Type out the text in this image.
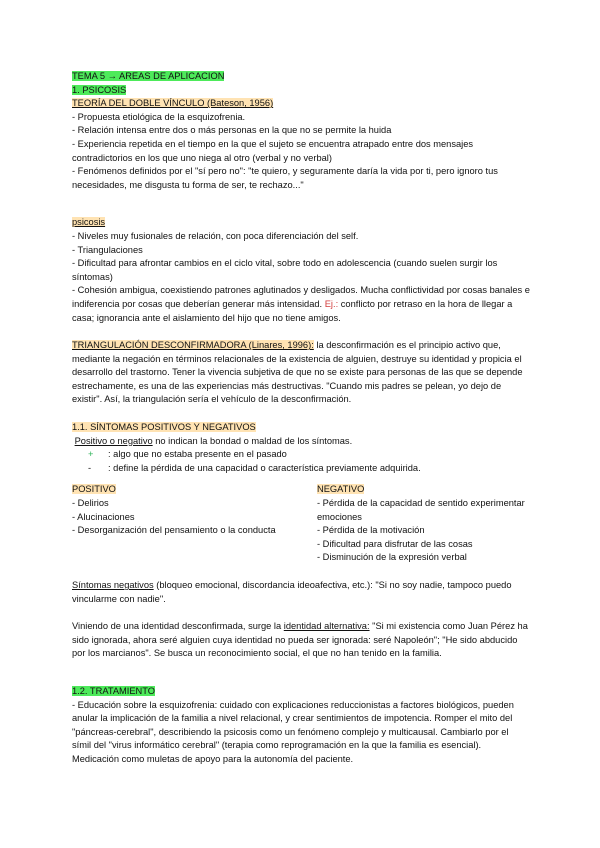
TEMA 5 → AREAS DE APLICACION

1. PSICOSIS

TEORÍA DEL DOBLE VÍNCULO (Bateson, 1956)

- Propuesta etiológica de la esquizofrenia.

- Relación intensa entre dos o más personas en la que no se permite la huida

- Experiencia repetida en el tiempo en la que el sujeto se encuentra atrapado entre dos mensajes contradictorios en los que uno niega al otro (verbal y no verbal)

- Fenómenos definidos por el "sí pero no": "te quiero, y seguramente daría la vida por ti, pero ignoro tus necesidades, me disgusta tu forma de ser, te rechazo..."

psicosis

- Niveles muy fusionales de relación, con poca diferenciación del self.

- Triangulaciones

- Dificultad para afrontar cambios en el ciclo vital, sobre todo en adolescencia (cuando suelen surgir los síntomas)

- Cohesión ambigua, coexistiendo patrones aglutinados y desligados. Mucha conflictividad por cosas banales e indiferencia por cosas que deberían generar más intensidad. Ej.: conflicto por retraso en la hora de llegar a casa; ignorancia ante el aislamiento del hijo que no tiene amigos.

TRIANGULACIÓN DESCONFIRMADORA (Linares, 1996): la desconfirmación es el principio activo que, mediante la negación en términos relacionales de la existencia de alguien, destruye su identidad y propicia el desarrollo del trastorno. Tener la vivencia subjetiva de que no se existe para personas de las que se depende estrechamente, es una de las experiencias más destructivas. "Cuando mis padres se pelean, yo dejo de existir". Así, la triangulación sería el vehículo de la desconfirmación.

1.1. SÍNTOMAS POSITIVOS Y NEGATIVOS

Positivo o negativo no indican la bondad o maldad de los síntomas.

+ : algo que no estaba presente en el pasado

- : define la pérdida de una capacidad o característica previamente adquirida.

POSITIVO

- Delirios

- Alucinaciones

- Desorganización del pensamiento o la conducta

NEGATIVO

- Pérdida de la capacidad de sentido experimentar emociones

- Pérdida de la motivación

- Dificultad para disfrutar de las cosas

- Disminución de la expresión verbal

Síntomas negativos (bloqueo emocional, discordancia ideoafectiva, etc.): "Si no soy nadie, tampoco puedo vincularme con nadie".

Viniendo de una identidad desconfirmada, surge la identidad alternativa: "Si mi existencia como Juan Pérez ha sido ignorada, ahora seré alguien cuya identidad no pueda ser ignorada: seré Napoleón"; "He sido abducido por los marcianos". Se busca un reconocimiento social, el que no han tenido en la familia.

1.2. TRATAMIENTO

- Educación sobre la esquizofrenia: cuidado con explicaciones reduccionistas a factores biológicos, pueden anular la implicación de la familia a nivel relacional, y crear sentimientos de impotencia. Romper el mito del "páncreas-cerebral", describiendo la psicosis como un fenómeno complejo y multicausal. Cambiarlo por el símil del "virus informático cerebral" (terapia como reprogramación en la que la familia es esencial). Medicación como muletas de apoyo para la autonomía del paciente.
